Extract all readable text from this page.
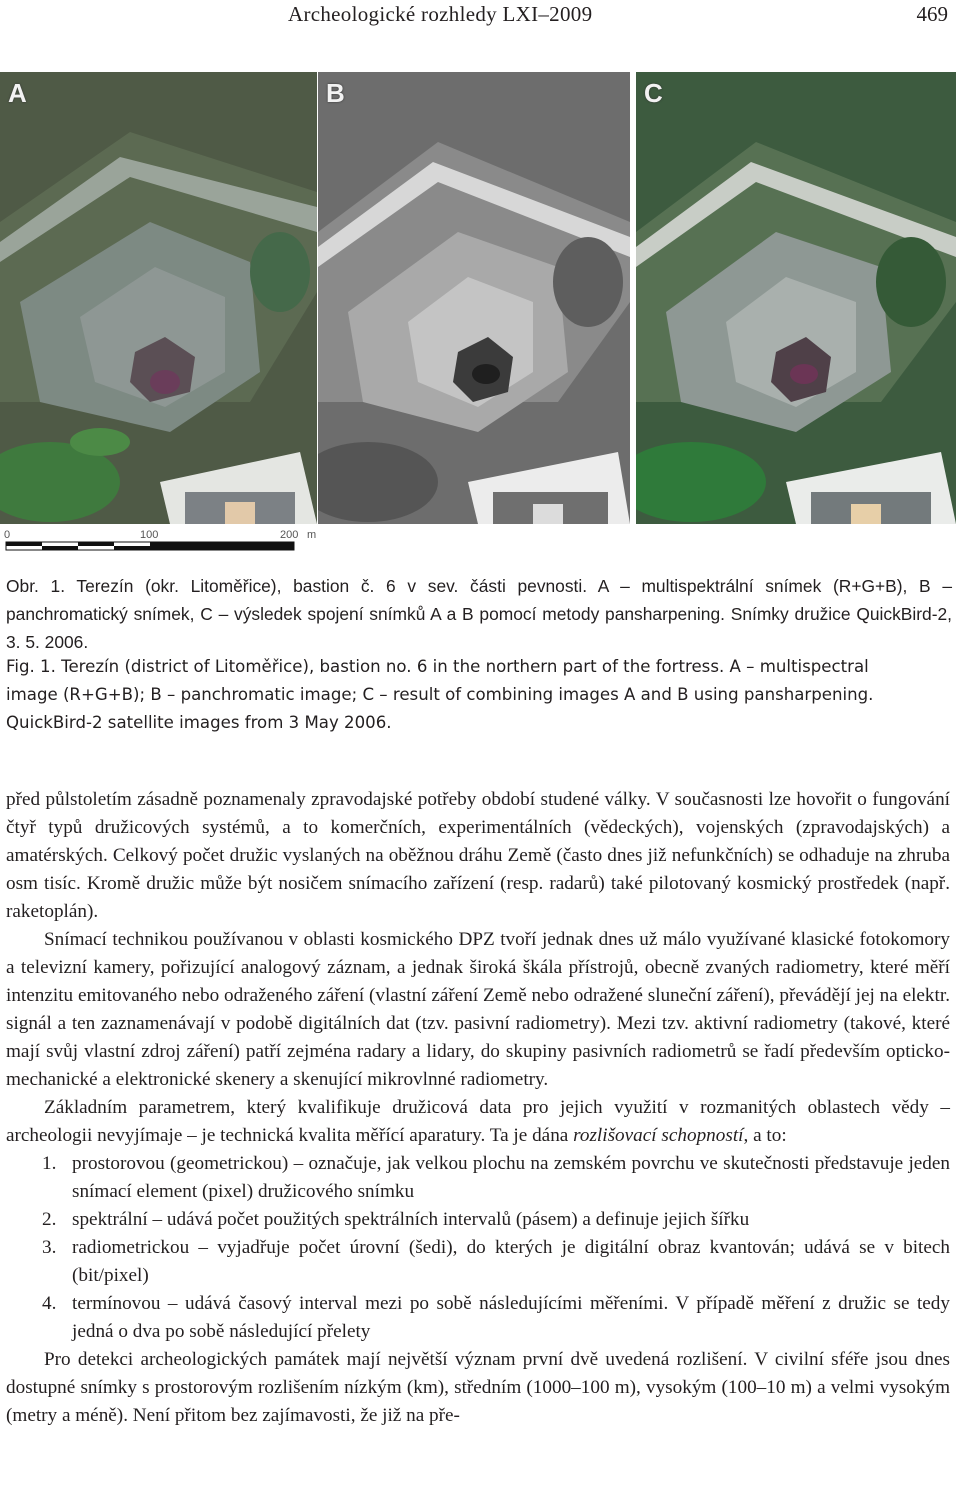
Archeologické rozhledy LXI–2009	469
A	B	C
0	100	200 m
Obr. 1. Terezín (okr. Litoměřice), bastion č. 6 v sev. části pevnosti. A – multispektrální snímek (R+G+B), B – panchromatický snímek, C – výsledek spojení snímků A a B pomocí metody pansharpening. Snímky družice QuickBird-2, 3. 5. 2006.

Fig. 1. Terezín (district of Litoměřice), bastion no. 6 in the northern part of the fortress. A – multispectral

image (R+G+B); B – panchromatic image; C – result of combining images A and B using pansharpening.

QuickBird-2 satellite images from 3 May 2006.

před půlstoletím zásadně poznamenaly zpravodajské potřeby období studené války. V současnosti lze hovořit o fungování čtyř typů družicových systémů, a to komerčních, experimentálních (vědeckých), vojenských (zpravodajských) a amatérských. Celkový počet družic vyslaných na oběžnou dráhu Země (často dnes již nefunkčních) se odhaduje na zhruba osm tisíc. Kromě družic může být nosičem snímacího zařízení (resp. radarů) také pilotovaný kosmický prostředek (např. raketoplán).

Snímací technikou používanou v oblasti kosmického DPZ tvoří jednak dnes už málo využívané klasické fotokomory a televizní kamery, pořizující analogový záznam, a jednak široká škála přístrojů, obecně zvaných radiometry, které měří intenzitu emitovaného nebo odraženého záření (vlastní záření Země nebo odražené sluneční záření), převádějí jej na elektr. signál a ten zaznamenávají v podobě digitálních dat (tzv. pasivní radiometry). Mezi tzv. aktivní radiometry (takové, které mají svůj vlastní zdroj záření) patří zejména radary a lidary, do skupiny pasivních radiometrů se řadí především opticko-mechanické a elektronické skenery a skenující mikrovlnné radiometry.

Základním parametrem, který kvalifikuje družicová data pro jejich využití v rozmanitých oblastech vědy – archeologii nevyjímaje – je technická kvalita měřící aparatury. Ta je dána rozlišovací schopností, a to:

1. prostorovou (geometrickou) – označuje, jak velkou plochu na zemském povrchu ve skutečnosti představuje jeden snímací element (pixel) družicového snímku
2. spektrální – udává počet použitých spektrálních intervalů (pásem) a definuje jejich šířku
3. radiometrickou – vyjadřuje počet úrovní (šedi), do kterých je digitální obraz kvantován; udává se v bitech (bit/pixel)
4. termínovou – udává časový interval mezi po sobě následujícími měřeními. V případě měření z družic se tedy jedná o dva po sobě následující přelety

Pro detekci archeologických památek mají největší význam první dvě uvedená rozlišení. V civilní sféře jsou dnes dostupné snímky s prostorovým rozlišením nízkým (km), středním (1000–100 m), vysokým (100–10 m) a velmi vysokým (metry a méně). Není přitom bez zajímavosti, že již na pře-
